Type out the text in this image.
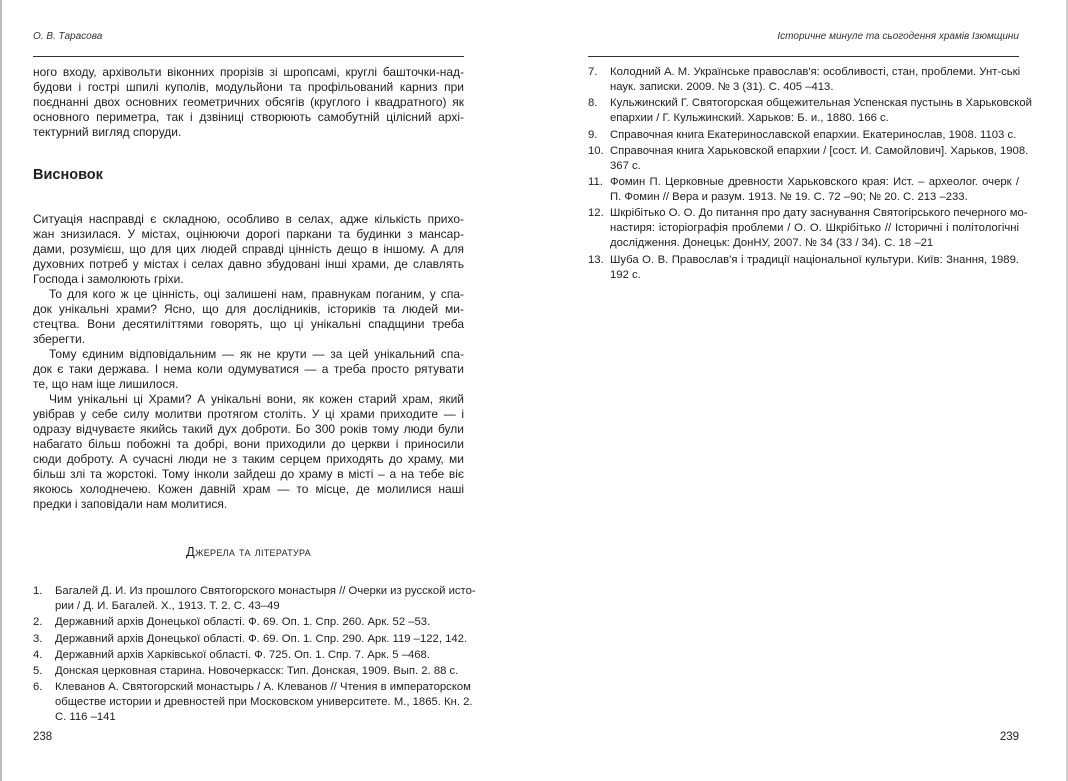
О. В. Тарасова
ного входу, архівольти віконних прорізів зі шропсамі, круглі башточки-над-
будови і гострі шпилі куполів, модульйони та профільований карниз при
поєднанні двох основних геометричних обсягів (круглого і квадратного) як
основного периметра, так і дзвіниці створюють самобутній цілісний архі-
тектурний вигляд споруди.
Висновок
Ситуація насправді є складною, особливо в селах, адже кількість прихо-
жан знизилася. У містах, оцінюючи дорогі паркани та будинки з мансар-
дами, розумієш, що для цих людей справді цінність дещо в іншому. А для
духовних потреб у містах і селах давно збудовані інші храми, де славлять
Господа і замолюють гріхи.
То для кого ж це цінність, оці залишені нам, правнукам поганим, у спа-
док унікальні храми? Ясно, що для дослідників, істориків та людей ми-
стецтва. Вони десятиліттями говорять, що ці унікальні спадщини треба
зберегти.
Тому єдиним відповідальним — як не крути — за цей унікальний спа-
док є таки держава. І нема коли одумуватися — а треба просто рятувати
те, що нам іще лишилося.
Чим унікальні ці Храми? А унікальні вони, як кожен старий храм, який
увібрав у себе силу молитви протягом століть. У ці храми приходите — і
одразу відчуваєте якийсь такий дух доброти. Бо 300 років тому люди були
набагато більш побожні та добрі, вони приходили до церкви і приносили
сюди доброту. А сучасні люди не з таким серцем приходять до храму, ми
більш злі та жорстокі. Тому інколи зайдеш до храму в місті – а на тебе віє
якоюсь холоднечею. Кожен давній храм — то місце, де молилися наші
предки і заповідали нам молитися.
Джерела та література
1. Багалей Д. И. Из прошлого Святогорского монастыря // Очерки из русской исто-
рии / Д. И. Багалей. Х., 1913. Т. 2. С. 43–49
2. Державний архів Донецької області. Ф. 69. Оп. 1. Спр. 260. Арк. 52 –53.
3. Державний архів Донецької області. Ф. 69. Оп. 1. Спр. 290. Арк. 119 –122, 142.
4. Державний архів Харківської області. Ф. 725. Оп. 1. Спр. 7. Арк. 5 –468.
5. Донская церковная старина. Новочеркасск: Тип. Донская, 1909. Вып. 2. 88 с.
6. Клеванов А. Святогорский монастырь / А. Клеванов // Чтения в императорском
обществе истории и древностей при Московском университете. М., 1865. Кн. 2.
С. 116 –141
238
Історичне минуле та сьогодення храмів Ізюмщини
7. Колодний А. М. Українське православ'я: особливості, стан, проблеми. Унт-ські
наук. записки. 2009. № 3 (31). С. 405 –413.
8. Кульжинский Г. Святогорская общежительная Успенская пустынь в Харьковской
епархии / Г. Кульжинский. Харьков: Б. и., 1880. 166 с.
9. Справочная книга Екатеринославской епархии. Екатеринослав, 1908. 1103 с.
10. Справочная книга Харьковской епархии / [сост. И. Самойлович]. Харьков, 1908.
367 с.
11. Фомин П. Церковные древности Харьковского края: Ист. – археолог. очерк /
П. Фомин // Вера и разум. 1913. № 19. С. 72 –90; № 20. С. 213 –233.
12. Шкрібітько О. О. До питання про дату заснування Святогірського печерного мо-
настиря: історіографія проблеми / О. О. Шкрібітько // Історичні і політологічні
дослідження. Донецьк: ДонНУ, 2007. № 34 (33 / 34). С. 18 –21
13. Шуба О. В. Православ'я і традиції національної культури. Київ: Знання, 1989.
192 с.
239
